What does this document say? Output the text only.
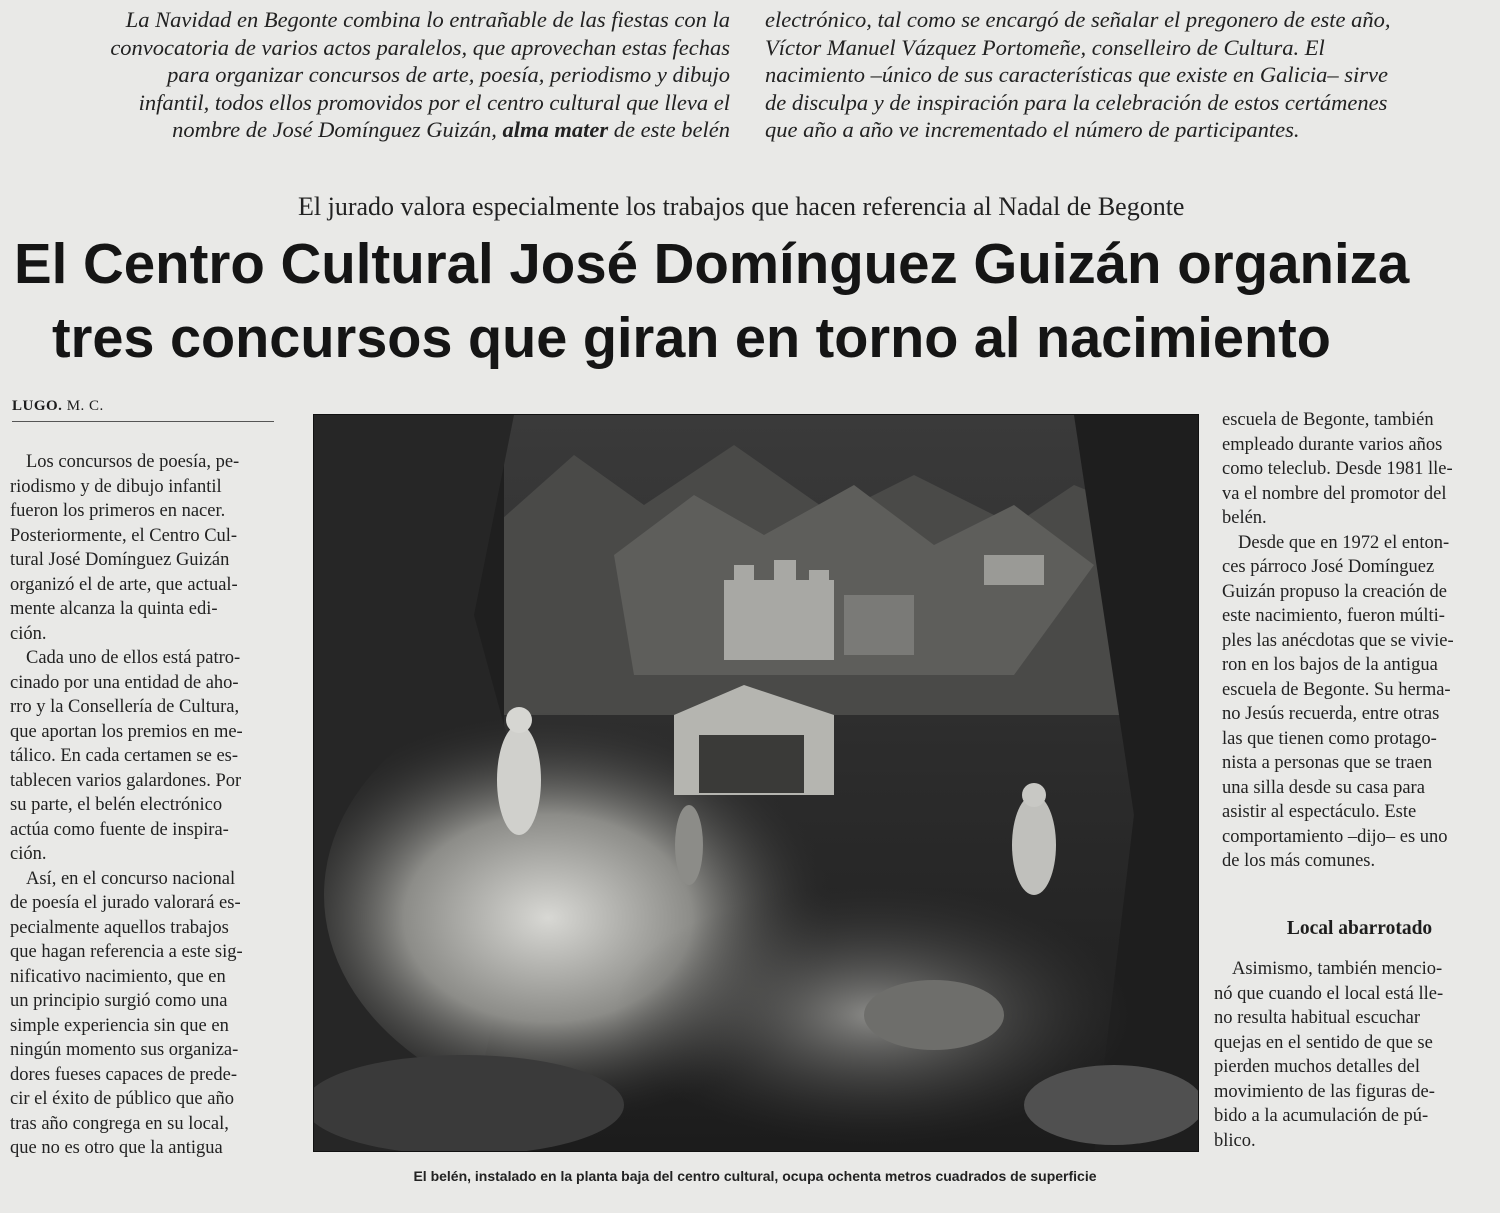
La Navidad en Begonte combina lo entrañable de las fiestas con la

convocatoria de varios actos paralelos, que aprovechan estas fechas

para organizar concursos de arte, poesía, periodismo y dibujo

infantil, todos ellos promovidos por el centro cultural que lleva el

nombre de José Domínguez Guizán, alma mater de este belén

electrónico, tal como se encargó de señalar el pregonero de este año,

Víctor Manuel Vázquez Portomeñe, conselleiro de Cultura. El

nacimiento –único de sus características que existe en Galicia– sirve

de disculpa y de inspiración para la celebración de estos certámenes

que año a año ve incrementado el número de participantes.

El jurado valora especialmente los trabajos que hacen referencia al Nadal de Begonte
El Centro Cultural José Domínguez Guizán organiza
tres concursos que giran en torno al nacimiento
LUGO. M. C.

Los concursos de poesía, pe-

riodismo y de dibujo infantil

fueron los primeros en nacer.

Posteriormente, el Centro Cul-

tural José Domínguez Guizán

organizó el de arte, que actual-

mente alcanza la quinta edi-

ción.

Cada uno de ellos está patro-

cinado por una entidad de aho-

rro y la Consellería de Cultura,

que aportan los premios en me-

tálico. En cada certamen se es-

tablecen varios galardones. Por

su parte, el belén electrónico

actúa como fuente de inspira-

ción.

Así, en el concurso nacional

de poesía el jurado valorará es-

pecialmente aquellos trabajos

que hagan referencia a este sig-

nificativo nacimiento, que en

un principio surgió como una

simple experiencia sin que en

ningún momento sus organiza-

dores fueses capaces de prede-

cir el éxito de público que año

tras año congrega en su local,

que no es otro que la antigua

El belén, instalado en la planta baja del centro cultural, ocupa ochenta metros cuadrados de superficie

escuela de Begonte, también

empleado durante varios años

como teleclub. Desde 1981 lle-

va el nombre del promotor del

belén.

Desde que en 1972 el enton-

ces párroco José Domínguez

Guizán propuso la creación de

este nacimiento, fueron múlti-

ples las anécdotas que se vivie-

ron en los bajos de la antigua

escuela de Begonte. Su herma-

no Jesús recuerda, entre otras

las que tienen como protago-

nista a personas que se traen

una silla desde su casa para

asistir al espectáculo. Este

comportamiento –dijo– es uno

de los más comunes.

Local abarrotado

Asimismo, también mencio-

nó que cuando el local está lle-

no resulta habitual escuchar

quejas en el sentido de que se

pierden muchos detalles del

movimiento de las figuras de-

bido a la acumulación de pú-

blico.
